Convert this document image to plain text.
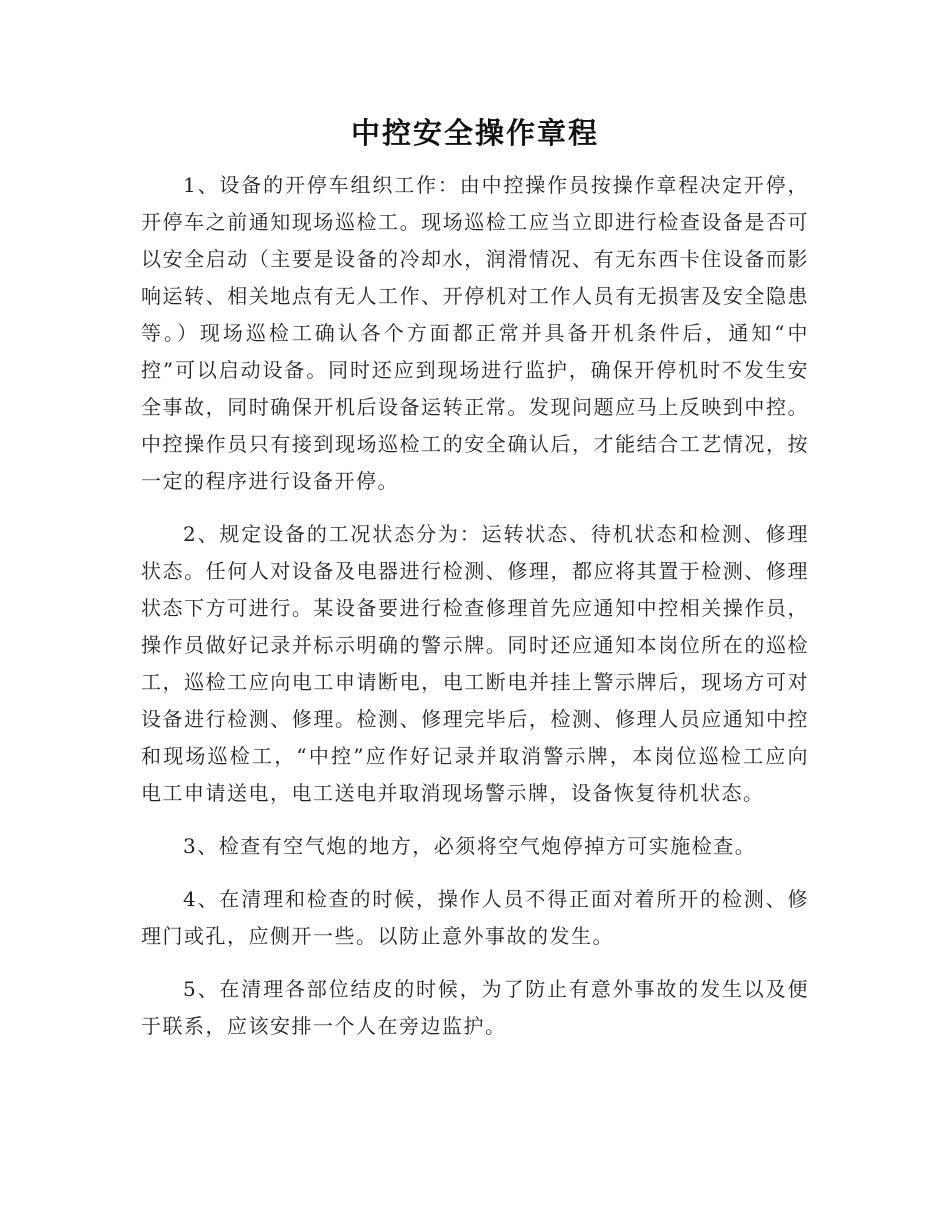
中控安全操作章程

1、设备的开停车组织工作：由中控操作员按操作章程决定开停，开停车之前通知现场巡检工。现场巡检工应当立即进行检查设备是否可以安全启动（主要是设备的冷却水，润滑情况、有无东西卡住设备而影响运转、相关地点有无人工作、开停机对工作人员有无损害及安全隐患等。）现场巡检工确认各个方面都正常并具备开机条件后，通知“中控”可以启动设备。同时还应到现场进行监护，确保开停机时不发生安全事故，同时确保开机后设备运转正常。发现问题应马上反映到中控。中控操作员只有接到现场巡检工的安全确认后，才能结合工艺情况，按一定的程序进行设备开停。

2、规定设备的工况状态分为：运转状态、待机状态和检测、修理状态。任何人对设备及电器进行检测、修理，都应将其置于检测、修理状态下方可进行。某设备要进行检查修理首先应通知中控相关操作员，操作员做好记录并标示明确的警示牌。同时还应通知本岗位所在的巡检工，巡检工应向电工申请断电，电工断电并挂上警示牌后，现场方可对设备进行检测、修理。检测、修理完毕后，检测、修理人员应通知中控和现场巡检工，“中控”应作好记录并取消警示牌，本岗位巡检工应向电工申请送电，电工送电并取消现场警示牌，设备恢复待机状态。

3、检查有空气炮的地方，必须将空气炮停掉方可实施检查。

4、在清理和检查的时候，操作人员不得正面对着所开的检测、修理门或孔，应侧开一些。以防止意外事故的发生。

5、在清理各部位结皮的时候，为了防止有意外事故的发生以及便于联系，应该安排一个人在旁边监护。
